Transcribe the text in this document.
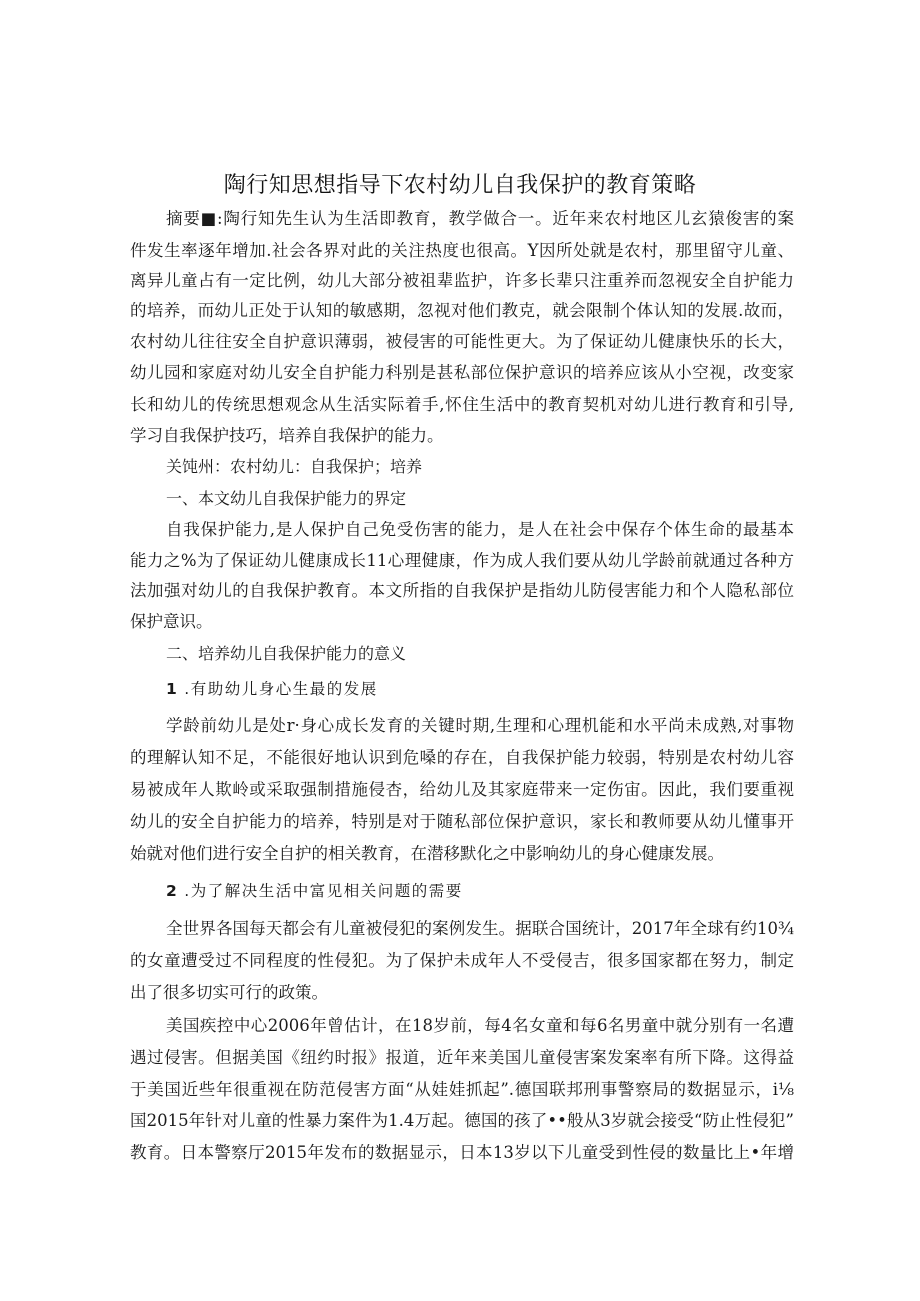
陶行知思想指导下农村幼儿自我保护的教育策略
摘要■:陶行知先生认为生活即教育，教学做合一。近年来农村地区儿玄猿俊害的案
件发生率逐年增加.社会各界对此的关注热度也很高。Y因所处就是农村，那里留守儿童、
离异儿童占有一定比例，幼儿大部分被祖辈监护，许多长辈只注重养而忽视安全自护能力
的培养，而幼儿正处于认知的敏感期，忽视对他们教克，就会限制个体认知的发展.故而，
农村幼儿往往安全自护意识薄弱，被侵害的可能性更大。为了保证幼儿健康快乐的长大，
幼儿园和家庭对幼儿安全自护能力科别是甚私部位保护意识的培养应该从小空视，改变家
长和幼儿的传统思想观念从生活实际着手,怀住生活中的教育契机对幼儿进行教育和引导,
学习自我保护技巧，培养自我保护的能力。
关饨州：农村幼儿：自我保护；培养
一、本文幼儿自我保护能力的界定
自我保护能力,是人保护自己免受伤害的能力，是人在社会中保存个体生命的最基本
能力之%为了保证幼儿健康成长11心理健康，作为成人我们要从幼儿学龄前就通过各种方
法加强对幼儿的自我保护教育。本文所指的自我保护是指幼儿防侵害能力和个人隐私部位
保护意识。
二、培养幼儿自我保护能力的意义
1 .有助幼儿身心生最的发展
学龄前幼儿是处r·身心成长发育的关键时期,生理和心理机能和水平尚未成熟,对事物
的理解认知不足，不能很好地认识到危嗓的存在，自我保护能力较弱，特别是农村幼儿容
易被成年人欺岭或采取强制措施侵杏，给幼儿及其家庭带来一定伤宙。因此，我们要重视
幼儿的安全自护能力的培养，特别是对于随私部位保护意识，家长和教师要从幼儿懂事开
始就对他们进行安全自护的相关教育，在潜移默化之中影响幼儿的身心健康发展。
2 .为了解决生活中富见相关问题的需要
全世界各国每天都会有儿童被侵犯的案例发生。据联合国统计，2017年全球有约10¾
的女童遭受过不同程度的性侵犯。为了保护未成年人不受侵吉，很多国家都在努力，制定
出了很多切实可行的政策。
美国疾控中心2006年曾估计，在18岁前，每4名女童和每6名男童中就分别有一名遭
遇过侵害。但据美国《纽约时报》报道，近年来美国儿童侵害案发案率有所下降。这得益
于美国近些年很重视在防范侵害方面“从娃娃抓起”.德国联邦刑事警察局的数据显示，i⅛
国2015年针对儿童的性暴力案件为1.4万起。德国的孩了••般从3岁就会接受“防止性侵犯”
教育。日本警察厅2015年发布的数据显示，日本13岁以下儿童受到性侵的数量比上•年增
